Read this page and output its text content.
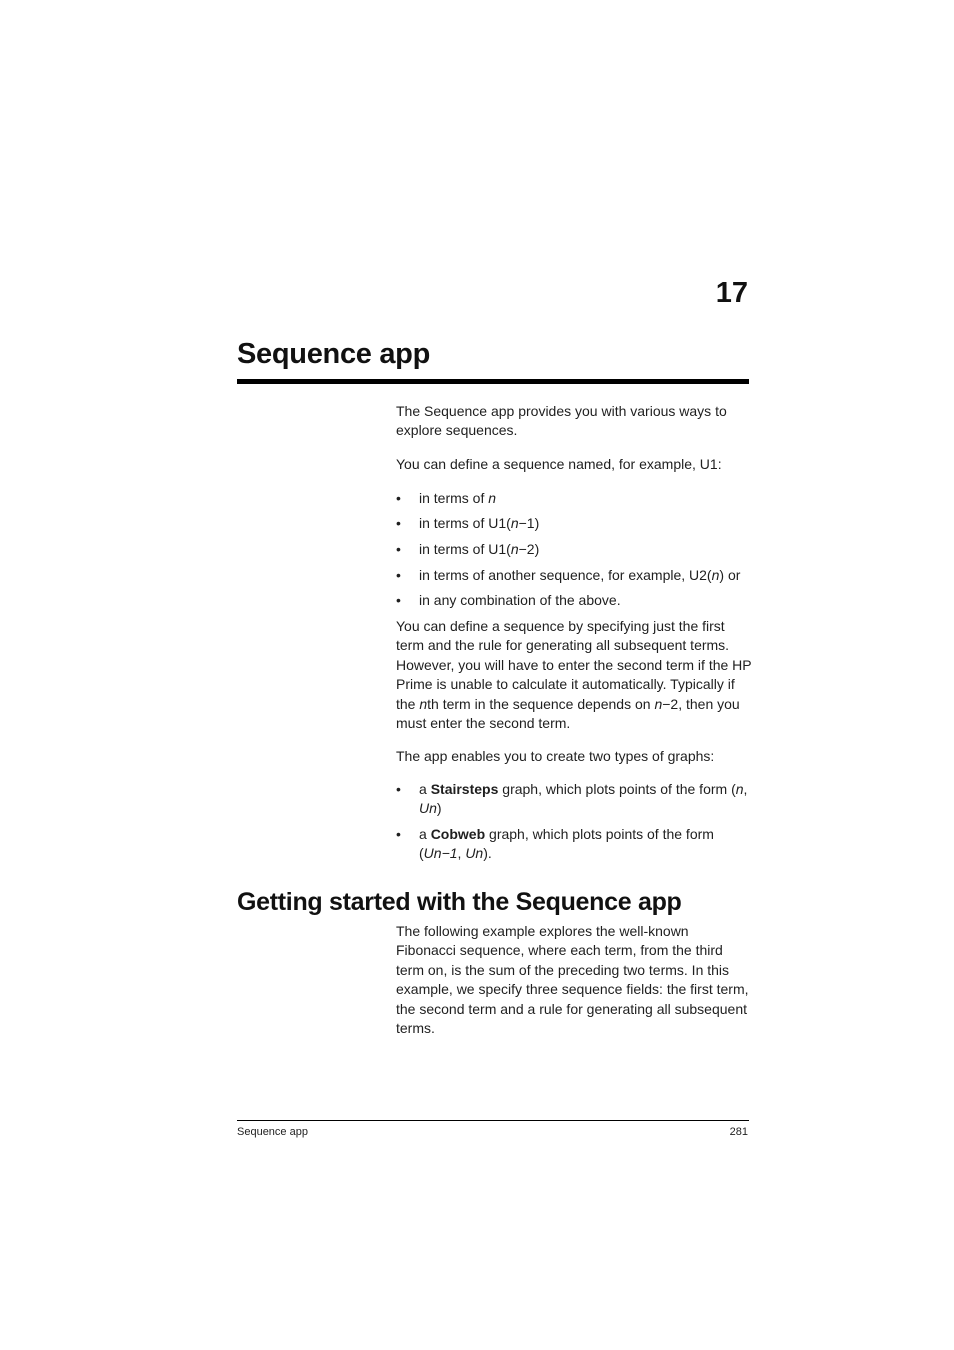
17
Sequence app

The Sequence app provides you with various ways to explore sequences.

You can define a sequence named, for example, U1:

• in terms of n
• in terms of U1(n−1)
• in terms of U1(n−2)
• in terms of another sequence, for example, U2(n) or
• in any combination of the above.

You can define a sequence by specifying just the first term and the rule for generating all subsequent terms. However, you will have to enter the second term if the HP Prime is unable to calculate it automatically. Typically if the nth term in the sequence depends on n−2, then you must enter the second term.

The app enables you to create two types of graphs:

• a Stairsteps graph, which plots points of the form (n, Un)
• a Cobweb graph, which plots points of the form (Un−1, Un).
Getting started with the Sequence app

The following example explores the well-known Fibonacci sequence, where each term, from the third term on, is the sum of the preceding two terms. In this example, we specify three sequence fields: the first term, the second term and a rule for generating all subsequent terms.

Sequence app	281
